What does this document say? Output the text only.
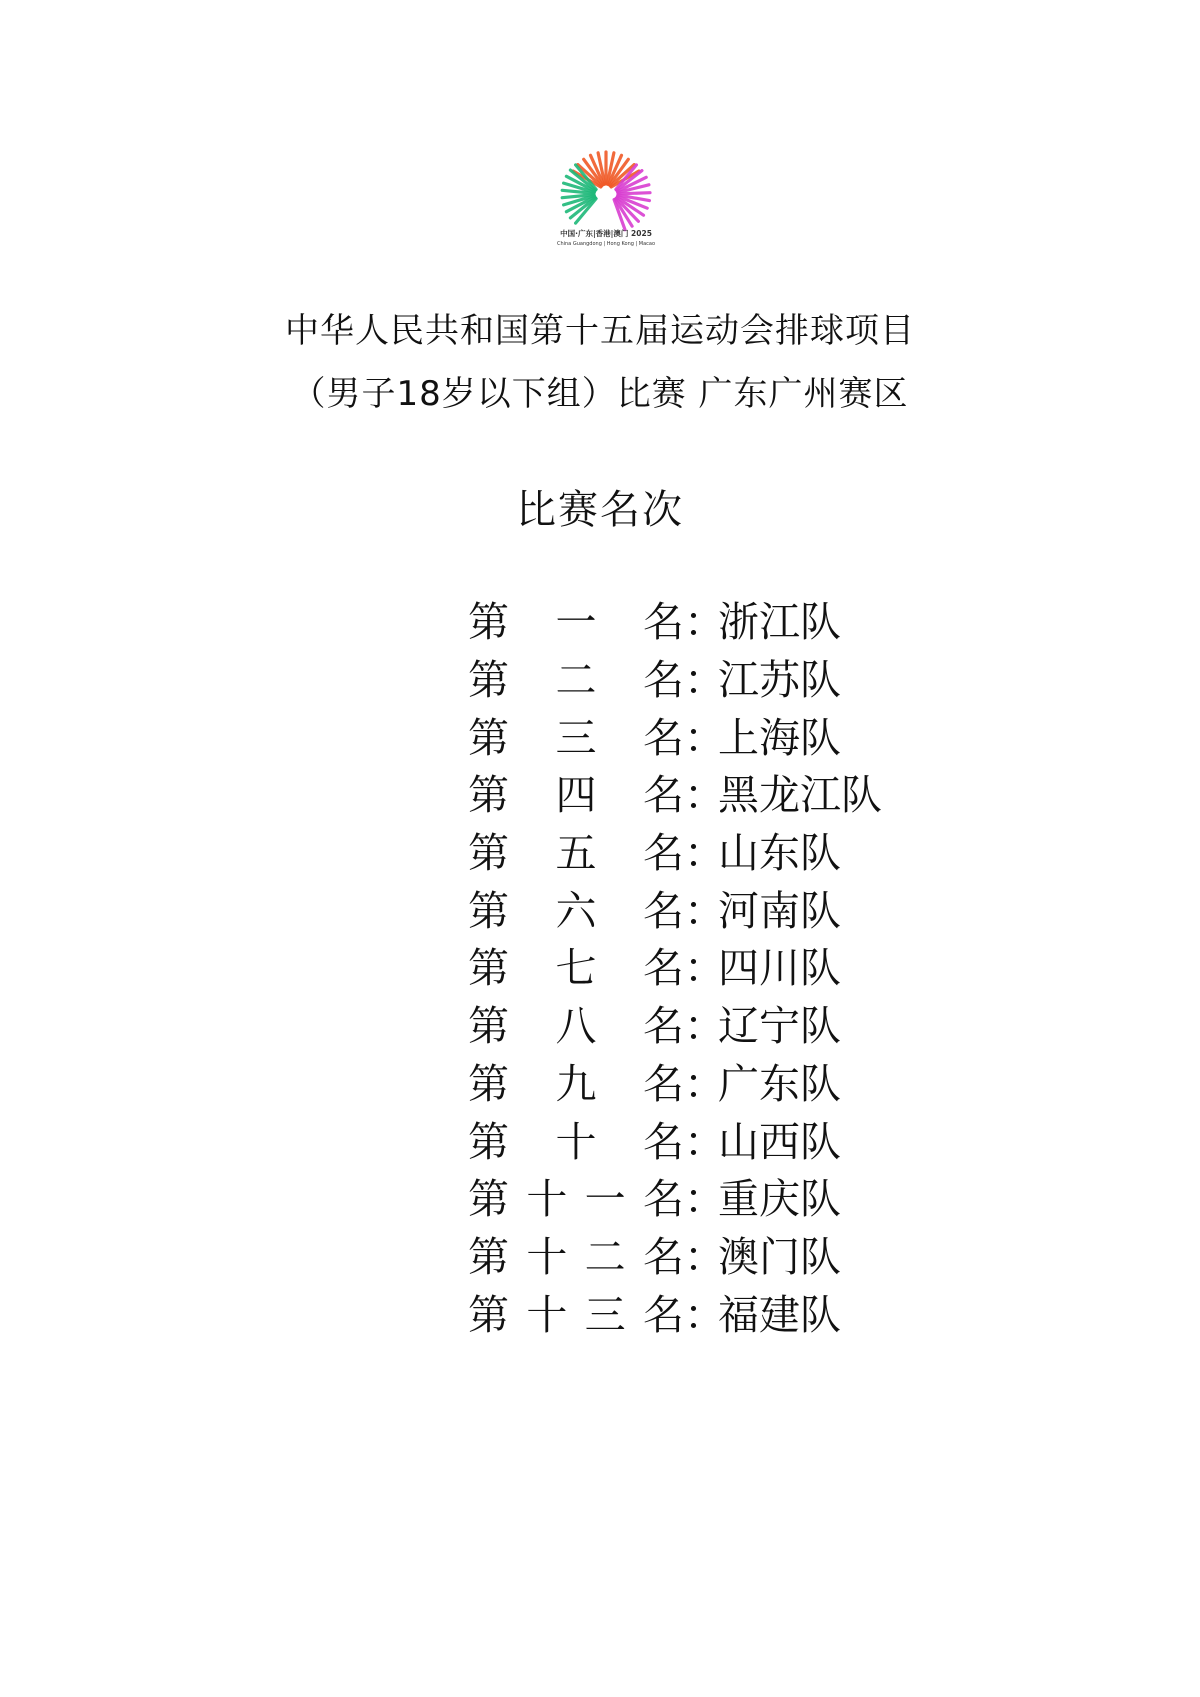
中国·广东|香港|澳门 2025
China Guangdong | Hong Kong | Macao
中华人民共和国第十五届运动会排球项目
（男子18岁以下组）比赛 广东广州赛区
比赛名次
第一名 ：
浙江队
第二名 ：
江苏队
第三名 ：
上海队
第四名 ：
黑龙江队
第五名 ：
山东队
第六名 ：
河南队
第七名 ：
四川队
第八名 ：
辽宁队
第九名 ：
广东队
第十名 ：
山西队
第十一名 ：
重庆队
第十二名 ：
澳门队
第十三名 ：
福建队
